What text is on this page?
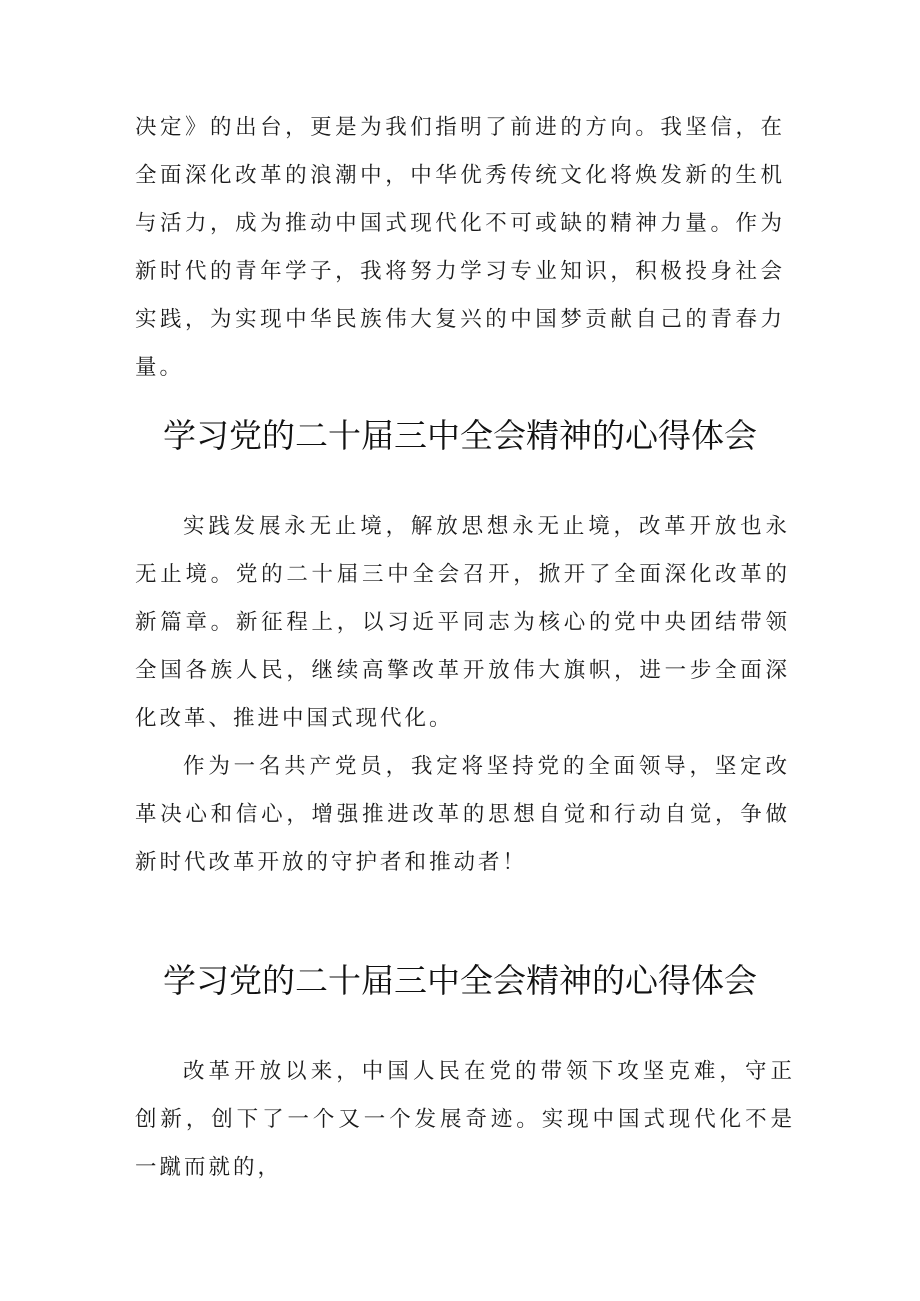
决定》的出台，更是为我们指明了前进的方向。我坚信，在全面深化改革的浪潮中，中华优秀传统文化将焕发新的生机与活力，成为推动中国式现代化不可或缺的精神力量。作为新时代的青年学子，我将努力学习专业知识，积极投身社会实践，为实现中华民族伟大复兴的中国梦贡献自己的青春力量。

学习党的二十届三中全会精神的心得体会

实践发展永无止境，解放思想永无止境，改革开放也永无止境。党的二十届三中全会召开，掀开了全面深化改革的新篇章。新征程上，以习近平同志为核心的党中央团结带领全国各族人民，继续高擎改革开放伟大旗帜，进一步全面深化改革、推进中国式现代化。

作为一名共产党员，我定将坚持党的全面领导，坚定改革决心和信心，增强推进改革的思想自觉和行动自觉，争做新时代改革开放的守护者和推动者！

学习党的二十届三中全会精神的心得体会

改革开放以来，中国人民在党的带领下攻坚克难，守正创新，创下了一个又一个发展奇迹。实现中国式现代化不是一蹴而就的，
